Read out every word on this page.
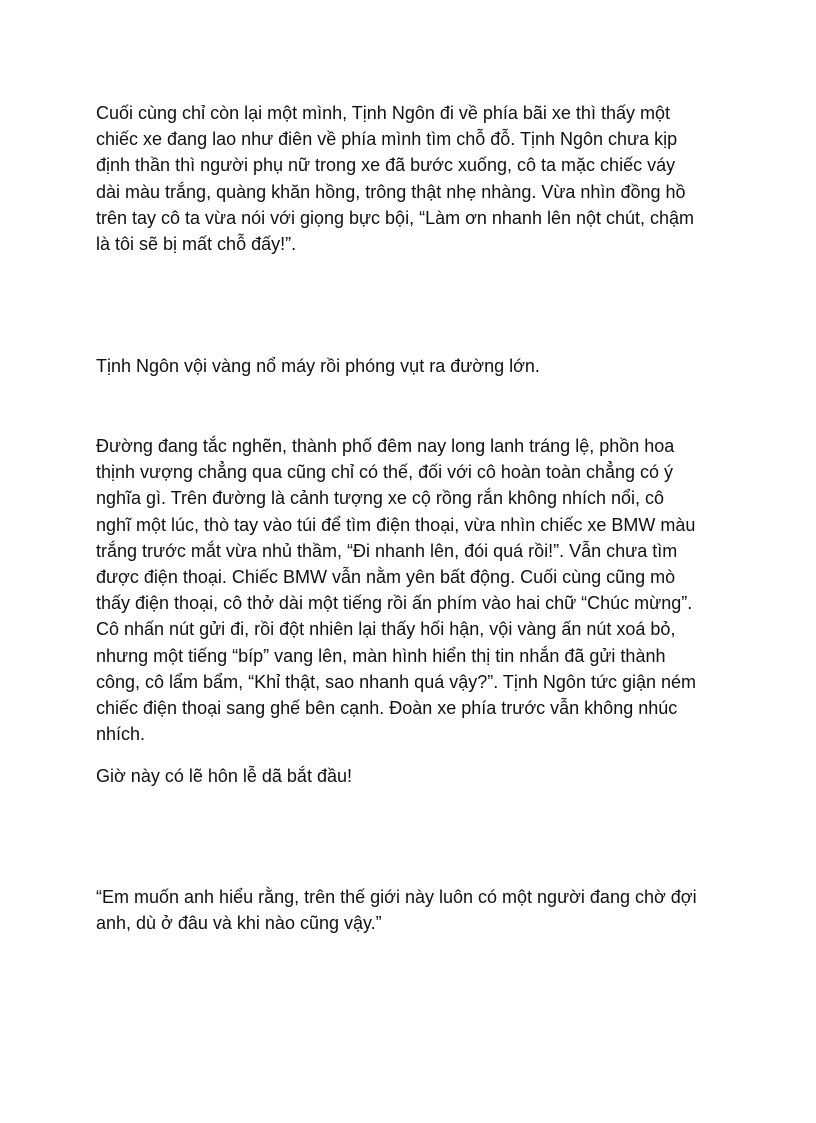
Cuối cùng chỉ còn lại một mình, Tịnh Ngôn đi về phía bãi xe thì thấy một
chiếc xe đang lao như điên về phía mình tìm chỗ đỗ. Tịnh Ngôn chưa kịp
định thần thì người phụ nữ trong xe đã bước xuống, cô ta mặc chiếc váy
dài màu trắng, quàng khăn hồng, trông thật nhẹ nhàng. Vừa nhìn đồng hồ
trên tay cô ta vừa nói với giọng bực bội, “Làm ơn nhanh lên nột chút, chậm
là tôi sẽ bị mất chỗ đấy!”.

Tịnh Ngôn vội vàng nổ máy rồi phóng vụt ra đường lớn.

Đường đang tắc nghẽn, thành phố đêm nay long lanh tráng lệ, phồn hoa
thịnh vượng chẳng qua cũng chỉ có thế, đối với cô hoàn toàn chẳng có ý
nghĩa gì. Trên đường là cảnh tượng xe cộ rồng rắn không nhích nổi, cô
nghĩ một lúc, thò tay vào túi để tìm điện thoại, vừa nhìn chiếc xe BMW màu
trắng trước mắt vừa nhủ thầm, “Đi nhanh lên, đói quá rồi!”. Vẫn chưa tìm
được điện thoại. Chiếc BMW vẫn nằm yên bất động. Cuối cùng cũng mò
thấy điện thoại, cô thở dài một tiếng rồi ấn phím vào hai chữ “Chúc mừng”.
Cô nhấn nút gửi đi, rồi đột nhiên lại thấy hối hận, vội vàng ấn nút xoá bỏ,
nhưng một tiếng “bíp” vang lên, màn hình hiển thị tin nhắn đã gửi thành
công, cô lẩm bẩm, “Khỉ thật, sao nhanh quá vậy?”. Tịnh Ngôn tức giận ném
chiếc điện thoại sang ghế bên cạnh. Đoàn xe phía trước vẫn không nhúc
nhích.

Giờ này có lẽ hôn lễ dã bắt đầu!

“Em muốn anh hiểu rằng, trên thế giới này luôn có một người đang chờ đợi
anh, dù ở đâu và khi nào cũng vậy.”
